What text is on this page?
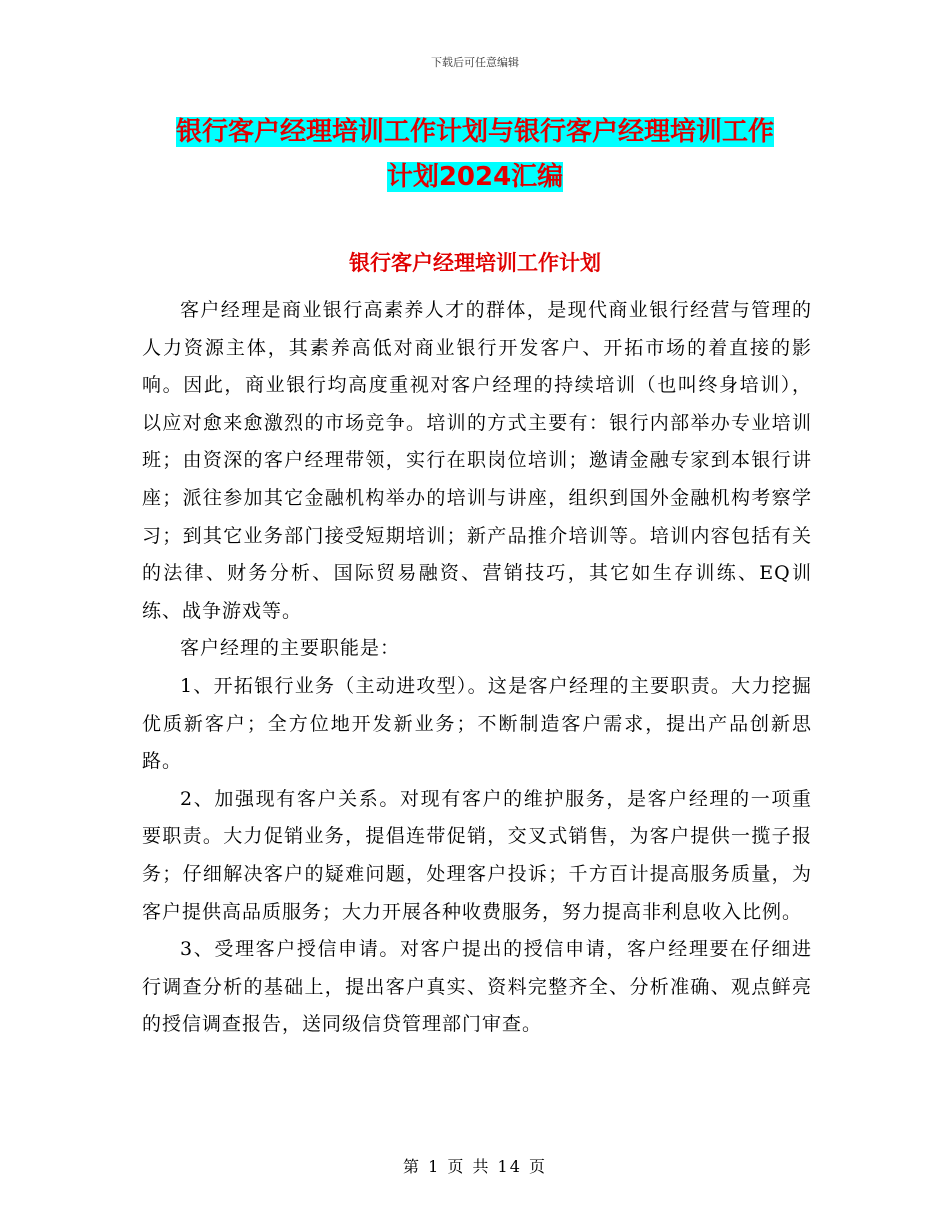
下载后可任意编辑
银行客户经理培训工作计划与银行客户经理培训工作
计划2024汇编
银行客户经理培训工作计划

客户经理是商业银行高素养人才的群体，是现代商业银行经营与管理的人力资源主体，其素养高低对商业银行开发客户、开拓市场的着直接的影响。因此，商业银行均高度重视对客户经理的持续培训（也叫终身培训），以应对愈来愈激烈的市场竞争。培训的方式主要有：银行内部举办专业培训班；由资深的客户经理带领，实行在职岗位培训；邀请金融专家到本银行讲座；派往参加其它金融机构举办的培训与讲座，组织到国外金融机构考察学习；到其它业务部门接受短期培训；新产品推介培训等。培训内容包括有关的法律、财务分析、国际贸易融资、营销技巧，其它如生存训练、EQ训练、战争游戏等。

客户经理的主要职能是：

1、开拓银行业务（主动进攻型）。这是客户经理的主要职责。大力挖掘优质新客户；全方位地开发新业务；不断制造客户需求，提出产品创新思路。

2、加强现有客户关系。对现有客户的维护服务，是客户经理的一项重要职责。大力促销业务，提倡连带促销，交叉式销售，为客户提供一揽子报务；仔细解决客户的疑难问题，处理客户投诉；千方百计提高服务质量，为客户提供高品质服务；大力开展各种收费服务，努力提高非利息收入比例。

3、受理客户授信申请。对客户提出的授信申请，客户经理要在仔细进行调查分析的基础上，提出客户真实、资料完整齐全、分析准确、观点鲜亮的授信调查报告，送同级信贷管理部门审查。

第 1 页 共 14 页
